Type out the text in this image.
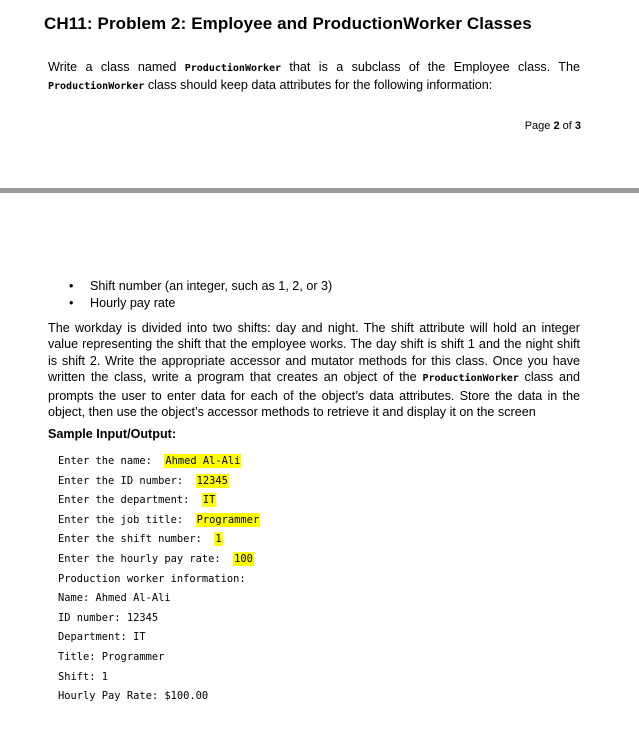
CH11: Problem 2: Employee and ProductionWorker Classes
Write a class named ProductionWorker that is a subclass of the Employee class. The ProductionWorker class should keep data attributes for the following information:
Page 2 of 3
• Shift number (an integer, such as 1, 2, or 3)
• Hourly pay rate
The workday is divided into two shifts: day and night. The shift attribute will hold an integer value representing the shift that the employee works. The day shift is shift 1 and the night shift is shift 2. Write the appropriate accessor and mutator methods for this class. Once you have written the class, write a program that creates an object of the ProductionWorker class and prompts the user to enter data for each of the object’s data attributes. Store the data in the object, then use the object’s accessor methods to retrieve it and display it on the screen
Sample Input/Output:
Enter the name:  Ahmed Al-Ali
Enter the ID number:  12345
Enter the department:  IT
Enter the job title:  Programmer
Enter the shift number:  1
Enter the hourly pay rate:  100
Production worker information:
Name: Ahmed Al-Ali
ID number: 12345
Department: IT
Title: Programmer
Shift: 1
Hourly Pay Rate: $100.00
